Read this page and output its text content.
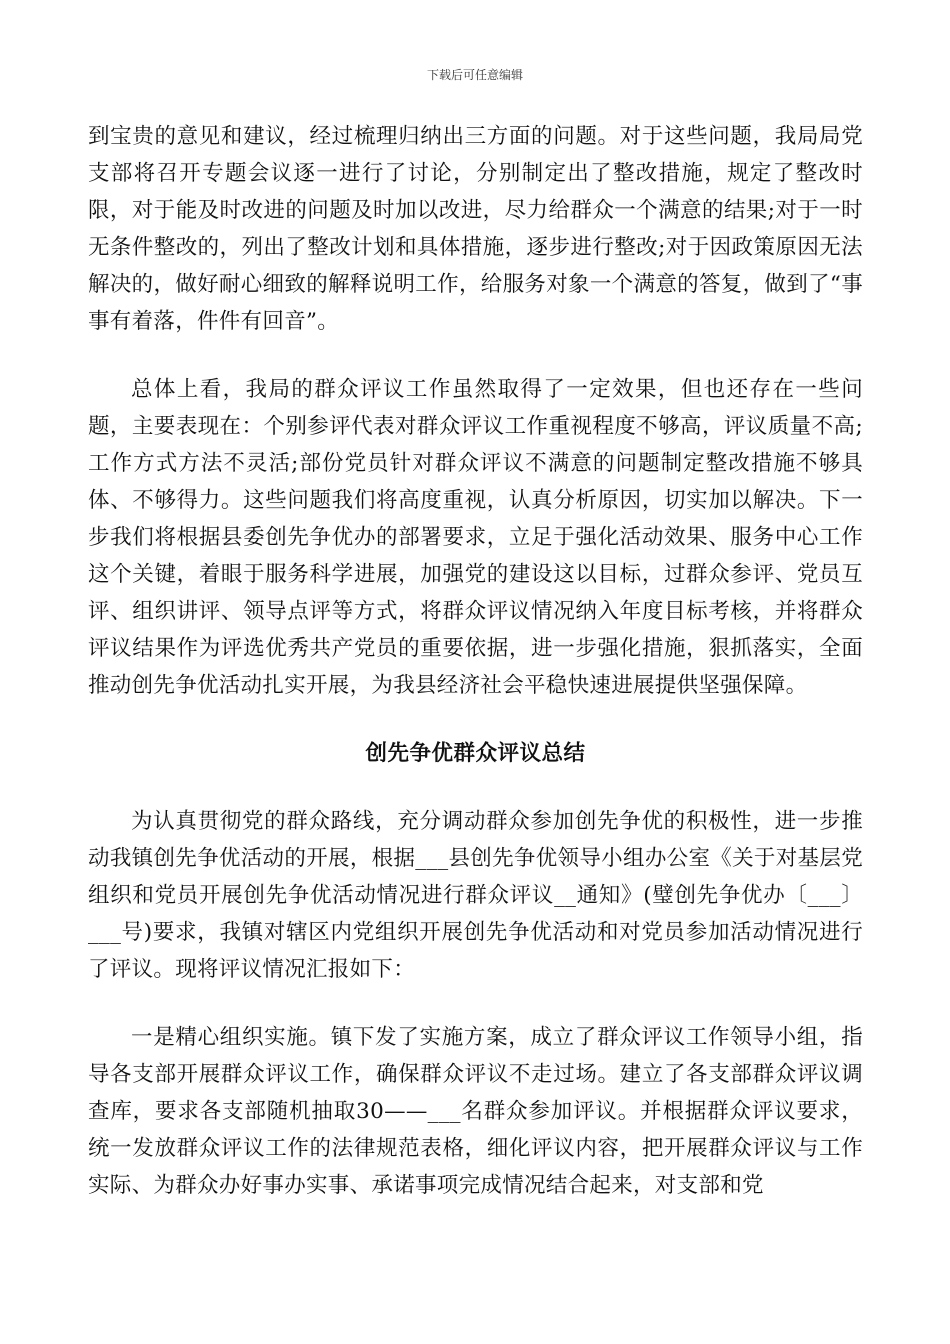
下载后可任意编辑

到宝贵的意见和建议，经过梳理归纳出三方面的问题。对于这些问题，我局局党支部将召开专题会议逐一进行了讨论，分别制定出了整改措施，规定了整改时限，对于能及时改进的问题及时加以改进，尽力给群众一个满意的结果;对于一时无条件整改的，列出了整改计划和具体措施，逐步进行整改;对于因政策原因无法解决的，做好耐心细致的解释说明工作，给服务对象一个满意的答复，做到了“事事有着落，件件有回音”。

总体上看，我局的群众评议工作虽然取得了一定效果，但也还存在一些问题，主要表现在：个别参评代表对群众评议工作重视程度不够高，评议质量不高;工作方式方法不灵活;部份党员针对群众评议不满意的问题制定整改措施不够具体、不够得力。这些问题我们将高度重视，认真分析原因，切实加以解决。下一步我们将根据县委创先争优办的部署要求，立足于强化活动效果、服务中心工作这个关键，着眼于服务科学进展，加强党的建设这以目标，过群众参评、党员互评、组织讲评、领导点评等方式，将群众评议情况纳入年度目标考核，并将群众评议结果作为评选优秀共产党员的重要依据，进一步强化措施，狠抓落实，全面推动创先争优活动扎实开展，为我县经济社会平稳快速进展提供坚强保障。

创先争优群众评议总结

为认真贯彻党的群众路线，充分调动群众参加创先争优的积极性，进一步推动我镇创先争优活动的开展，根据___县创先争优领导小组办公室《关于对基层党组织和党员开展创先争优活动情况进行群众评议__通知》(璧创先争优办〔___〕___号)要求，我镇对辖区内党组织开展创先争优活动和对党员参加活动情况进行了评议。现将评议情况汇报如下：

一是精心组织实施。镇下发了实施方案，成立了群众评议工作领导小组，指导各支部开展群众评议工作，确保群众评议不走过场。建立了各支部群众评议调查库，要求各支部随机抽取30——___名群众参加评议。并根据群众评议要求，统一发放群众评议工作的法律规范表格，细化评议内容，把开展群众评议与工作实际、为群众办好事办实事、承诺事项完成情况结合起来，对支部和党
